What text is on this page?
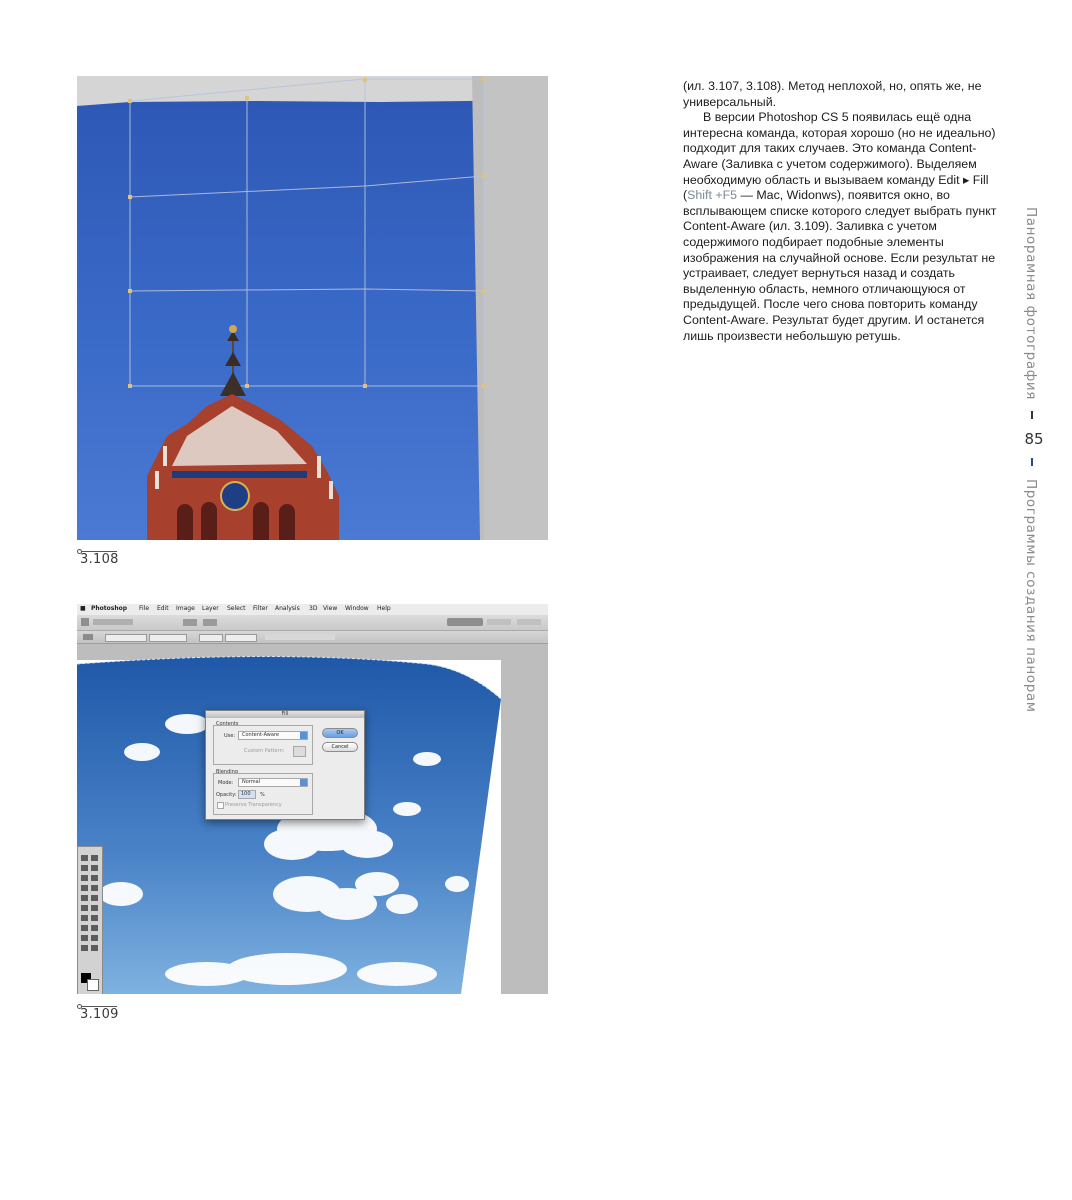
3.108
■ Photoshop File Edit Image Layer Select Filter Analysis 3D View Window Help
Fill
Contents
Use: Content-Aware
Custom Pattern:
Blending
Mode: Normal
Opacity: 100 %
Preserve Transparency
OK
Cancel
3.109

(ил. 3.107, 3.108). Метод неплохой, но, опять же, не универсальный.

В версии Photoshop CS 5 появилась ещё одна интересна команда, которая хорошо (но не идеально) подходит для таких случаев. Это команда Content-Aware (Заливка с учетом содержимого). Выделяем необходимую область и вызываем команду Edit ▸ Fill (Shift +F5 — Mac, Widonws), появится окно, во всплывающем списке которого следует выбрать пункт Content-Aware (ил. 3.109). Заливка с учетом содержимого подбирает подобные элементы изображения на случайной основе. Если результат не устраивает, следует вернуться назад и создать выделенную область, немного отличающуюся от предыдущей. После чего снова повторить команду Content-Aware. Результат будет другим. И останется лишь произвести небольшую ретушь.	Панорамная фотография
85
Программы создания панорам
